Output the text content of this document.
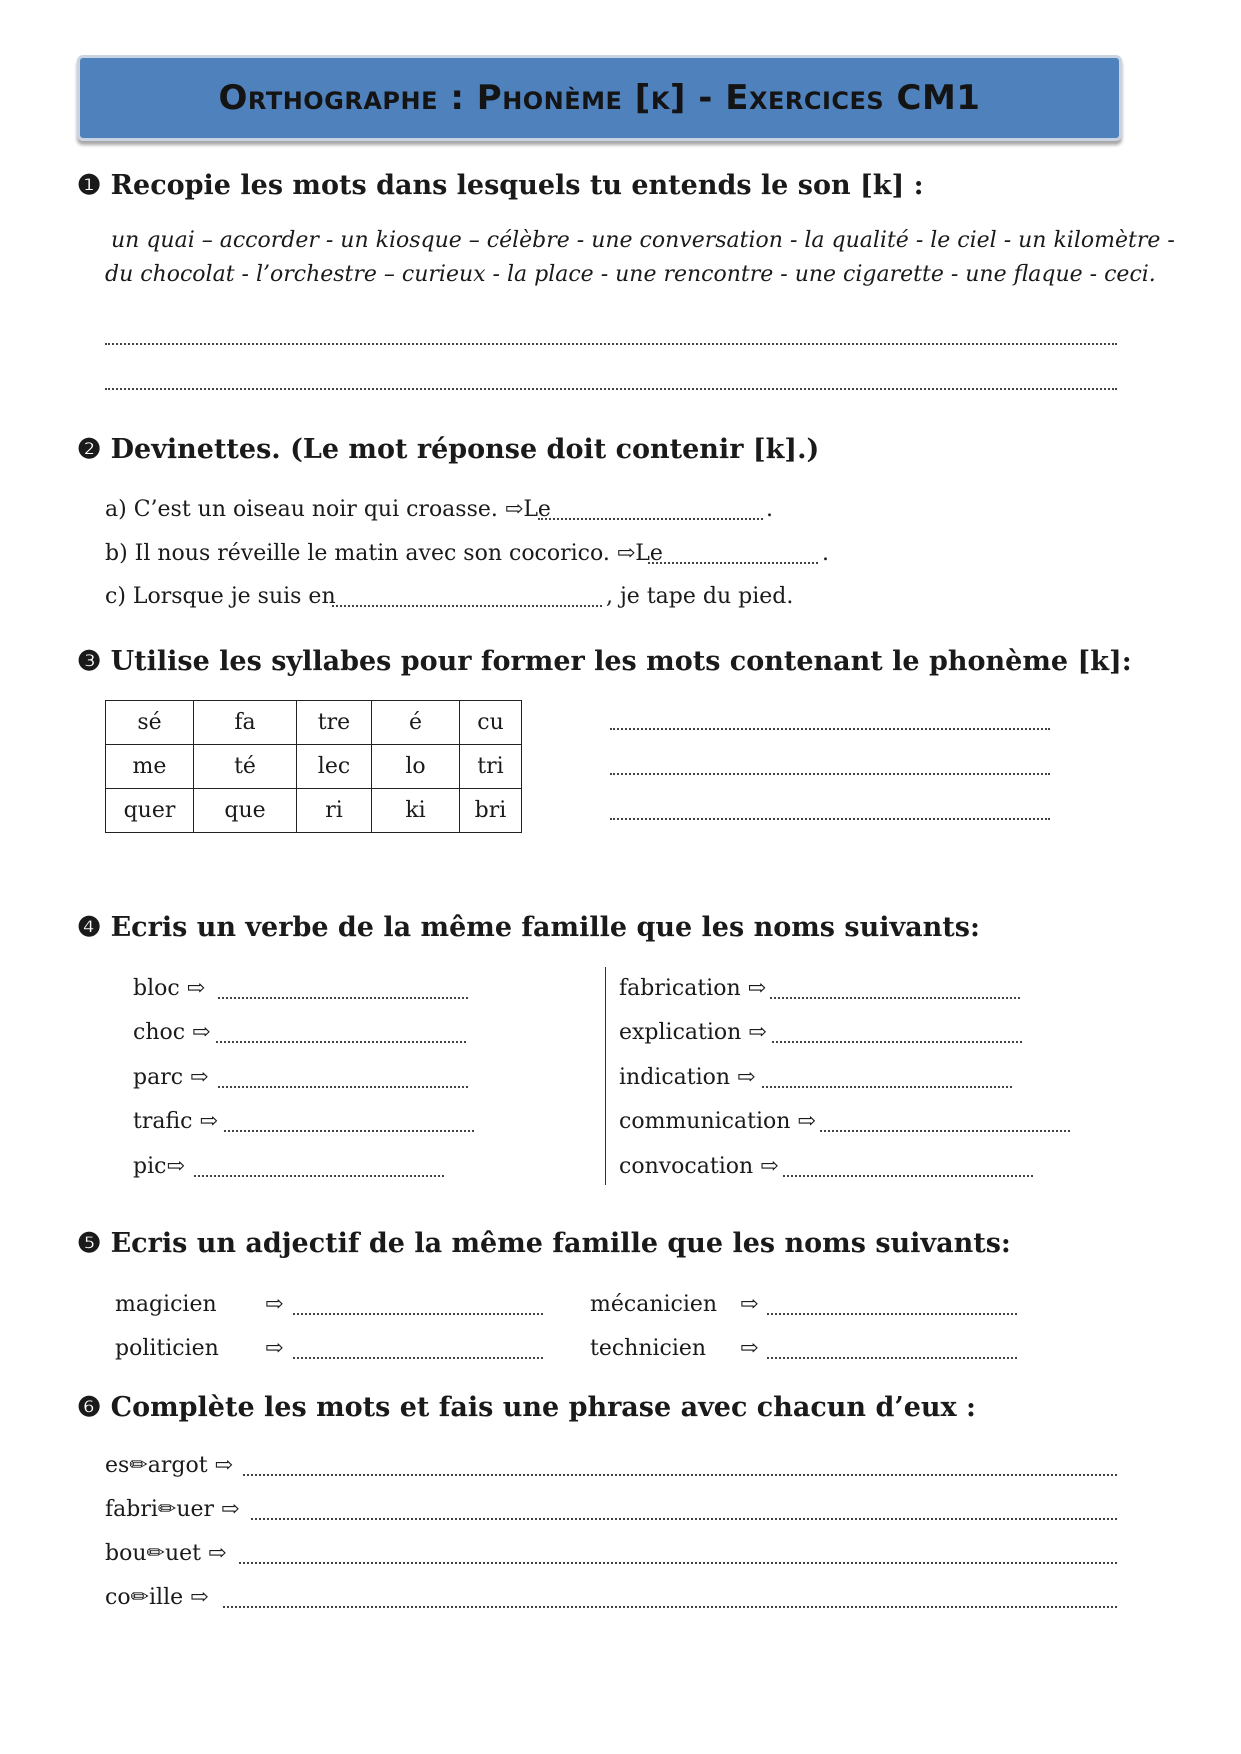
Orthographe : Phonème [k] - Exercices CM1
❶ Recopie les mots dans lesquels tu entends le son [k] :
un quai – accorder - un kiosque – célèbre - une conversation - la qualité - le ciel - un kilomètre -
du chocolat - l’orchestre – curieux - la place - une rencontre - une cigarette - une flaque - ceci.
❷ Devinettes. (Le mot réponse doit contenir [k].)
a) C’est un oiseau noir qui croasse. ⇨Le	.
b) Il nous réveille le matin avec son cocorico. ⇨Le	.
c) Lorsque je suis en	, je tape du pied.
❸ Utilise les syllabes pour former les mots contenant le phonème [k]:
sé	fa	tre	é	cu
me	té	lec	lo	tri
quer	que	ri	ki	bri
❹ Ecris un verbe de la même famille que les noms suivants:
bloc ⇨
choc ⇨
parc ⇨
trafic ⇨
pic⇨
fabrication ⇨
explication ⇨
indication ⇨
communication ⇨
convocation ⇨
❺ Ecris un adjectif de la même famille que les noms suivants:
magicien ⇨
politicien ⇨
mécanicien ⇨
technicien ⇨
❻ Complète les mots et fais une phrase avec chacun d’eux :
es✏argot ⇨
fabri✏uer ⇨
bou✏uet ⇨
co✏ille ⇨
